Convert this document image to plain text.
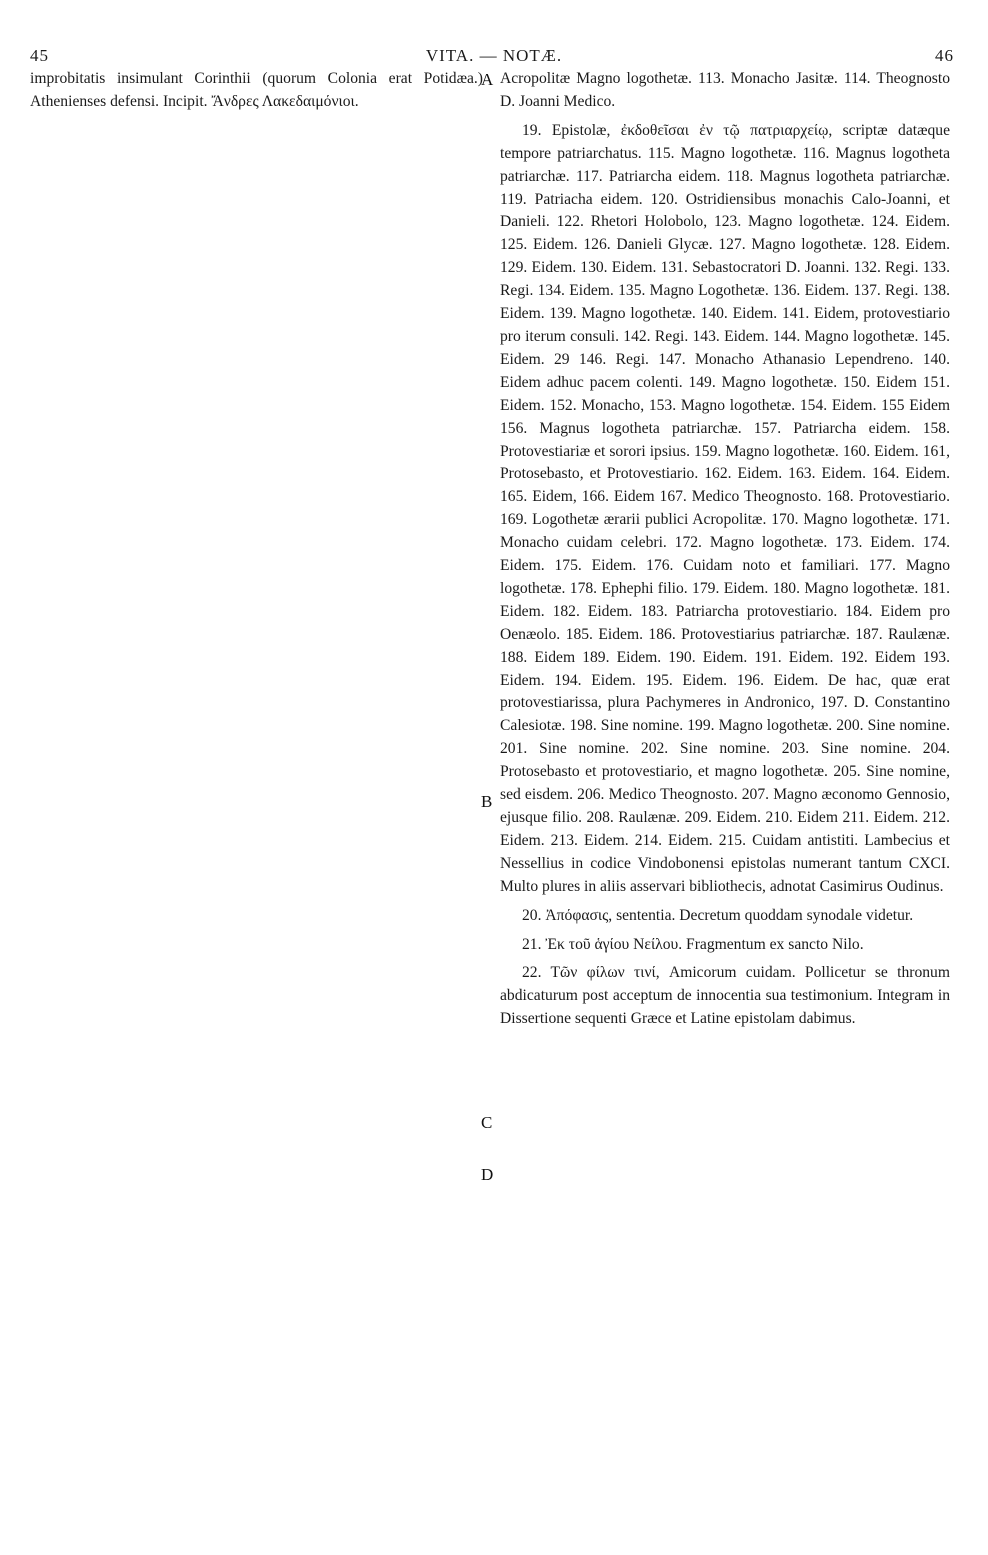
45	VITA. — NOTÆ.	46

improbitatis insimulant Corinthii (quorum Colonia erat Potidæa.) Athenienses defensi. Incipit. Ἄνδρες Λακεδαιμόνιοι.

Acropolitæ Magno logothetæ. 113. Monacho Jasitæ. 114. Theognosto D. Joanni Medico.

19. Epistolæ, ἐκδοθεῖσαι ἐν τῷ πατριαρχείῳ, scriptæ datæque tempore patriarchatus. 115. Magno logothetæ. 116. Magnus logotheta patriarchæ. 117. Patriarcha eidem. 118. Magnus logotheta patriarchæ. 119. Patriacha eidem. 120. Ostridiensibus monachis Calo-Joanni, et Danieli. 122. Rhetori Holobolo, 123. Magno logothetæ. 124. Eidem. 125. Eidem. 126. Danieli Glycæ. 127. Magno logothetæ. 128. Eidem. 129. Eidem. 130. Eidem. 131. Sebastocratori D. Joanni. 132. Regi. 133. Regi. 134. Eidem. 135. Magno Logothetæ. 136. Eidem. 137. Regi. 138. Eidem. 139. Magno logothetæ. 140. Eidem. 141. Eidem, protovestiario pro iterum consuli. 142. Regi. 143. Eidem. 144. Magno logothetæ. 145. Eidem. 29 146. Regi. 147. Monacho Athanasio Lependreno. 140. Eidem adhuc pacem colenti. 149. Magno logothetæ. 150. Eidem 151. Eidem. 152. Monacho, 153. Magno logothetæ. 154. Eidem. 155 Eidem 156. Magnus logotheta patriarchæ. 157. Patriarcha eidem. 158. Protovestiariæ et sorori ipsius. 159. Magno logothetæ. 160. Eidem. 161, Protosebasto, et Protovestiario. 162. Eidem. 163. Eidem. 164. Eidem. 165. Eidem, 166. Eidem 167. Medico Theognosto. 168. Protovestiario. 169. Logothetæ ærarii publici Acropolitæ. 170. Magno logothetæ. 171. Monacho cuidam celebri. 172. Magno logothetæ. 173. Eidem. 174. Eidem. 175. Eidem. 176. Cuidam noto et familiari. 177. Magno logothetæ. 178. Ephephi filio. 179. Eidem. 180. Magno logothetæ. 181. Eidem. 182. Eidem. 183. Patriarcha protovestiario. 184. Eidem pro Oenæolo. 185. Eidem. 186. Protovestiarius patriarchæ. 187. Raulænæ. 188. Eidem 189. Eidem. 190. Eidem. 191. Eidem. 192. Eidem 193. Eidem. 194. Eidem. 195. Eidem. 196. Eidem. De hac, quæ erat protovestiarissa, plura Pachymeres in Andronico, 197. D. Constantino Calesiotæ. 198. Sine nomine. 199. Magno logothetæ. 200. Sine nomine. 201. Sine nomine. 202. Sine nomine. 203. Sine nomine. 204. Protosebasto et protovestiario, et magno logothetæ. 205. Sine nomine, sed eisdem. 206. Medico Theognosto. 207. Magno æconomo Gennosio, ejusque filio. 208. Raulænæ. 209. Eidem. 210. Eidem 211. Eidem. 212. Eidem. 213. Eidem. 214. Eidem. 215. Cuidam antistiti. Lambecius et Nessellius in codice Vindobonensi epistolas numerant tantum CXCI. Multo plures in aliis asservari bibliothecis, adnotat Casimirus Oudinus.

20. Ἀπόφασις, sententia. Decretum quoddam synodale videtur.

21. Ἐκ τοῦ ἁγίου Νείλου. Fragmentum ex sancto Nilo.

22. Τῶν φίλων τινί, Amicorum cuidam. Pollicetur se thronum abdicaturum post acceptum de innocentia sua testimonium. Integram in Dissertione sequenti Græce et Latine epistolam dabimus.

A
B
C
D
